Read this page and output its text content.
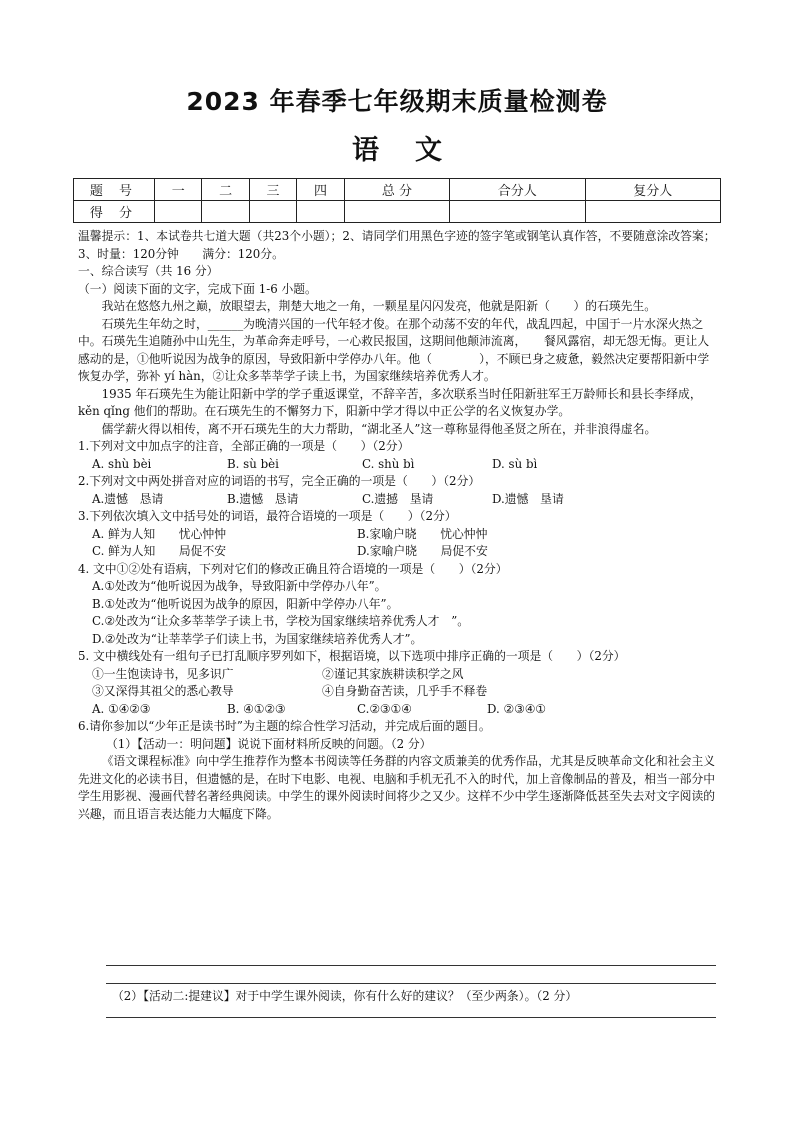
2023 年春季七年级期末质量检测卷
语文
题 号	一	二	三	四	总 分	合分人	复分人
得 分							

温馨提示：1、本试卷共七道大题（共23个小题）；2、请同学们用黑色字迹的签字笔或钢笔认真作答，不要随意涂改答案；3、时量：120分钟　　满分：120分。

一、综合读写（共 16 分）

（一）阅读下面的文字，完成下面 1-6 小题。

我站在悠悠九州之巅，放眼望去，荆楚大地之一角，一颗星星闪闪发亮，他就是阳新（　　）的石瑛先生。

石瑛先生年幼之时，______为晚清兴国的一代年轻才俊。在那个动荡不安的年代，战乱四起，中国于一片水深火热之中。石瑛先生追随孙中山先生，为革命奔走呼号，一心救民报国，这期间他颠沛流离，　　餐风露宿，却无怨无悔。更让人感动的是，①他听说因为战争的原因，导致阳新中学停办八年。他（　　　　），不顾已身之疲惫，毅然决定要帮阳新中学恢复办学，弥补 yí hàn，②让众多莘莘学子读上书，为国家继续培养优秀人才。

1935 年石瑛先生为能让阳新中学的学子重返课堂，不辞辛苦，多次联系当时任阳新驻军王万龄师长和县长李绎成，kěn qǐng 他们的帮助。在石瑛先生的不懈努力下，阳新中学才得以中正公学的名义恢复办学。

儒学薪火得以相传，离不开石瑛先生的大力帮助，“湖北圣人”这一尊称显得他圣贤之所在，并非浪得虚名。

1.下列对文中加点字的注音，全部正确的一项是（　　）（2分）

A. shù bèi	B. sù bèi	C. shù bì	D. sù bì

2.下列对文中两处拼音对应的词语的书写，完全正确的一项是（　　）（2分）

A.遗憾　恳请	B.遗憾　恳请	C.遗撼　垦请	D.遗憾　垦请

3.下列依次填入文中括号处的词语，最符合语境的一项是（　　）（2分）

A. 鲜为人知　　忧心忡忡	B.家喻户晓　　忧心忡忡
C. 鲜为人知　　局促不安	D.家喻户晓　　局促不安

4. 文中①②处有语病，下列对它们的修改正确且符合语境的一项是（　　）（2分）

A.①处改为“他听说因为战争，导致阳新中学停办八年”。

B.①处改为“他听说因为战争的原因，阳新中学停办八年”。

C.②处改为“让众多莘莘学子读上书，学校为国家继续培养优秀人才　”。

D.②处改为“让莘莘学子们读上书，为国家继续培养优秀人才”。

5. 文中横线处有一组句子已打乱顺序罗列如下，根据语境，以下选项中排序正确的一项是（　　）（2分）

①一生饱读诗书，见多识广	②谨记其家族耕读积学之风
③又深得其祖父的悉心教导	④自身勤奋苦读，几乎手不释卷
A. ①④②③	B. ④①②③	C.②③①④	D. ②③④①

6.请你参加以“少年正是读书时”为主题的综合性学习活动，并完成后面的题目。

（1）【活动一：明问题】说说下面材料所反映的问题。（2 分）

《语文课程标准》向中学生推荐作为整本书阅读等任务群的内容文质兼美的优秀作品，尤其是反映革命文化和社会主义先进文化的必读书目，但遗憾的是，在时下电影、电视、电脑和手机无孔不入的时代，加上音像制品的普及，相当一部分中学生用影视、漫画代替名著经典阅读。中学生的课外阅读时间将少之又少。这样不少中学生逐渐降低甚至失去对文字阅读的兴趣，而且语言表达能力大幅度下降。

（2）【活动二:提建议】对于中学生课外阅读，你有什么好的建议？（至少两条）。（2 分）
